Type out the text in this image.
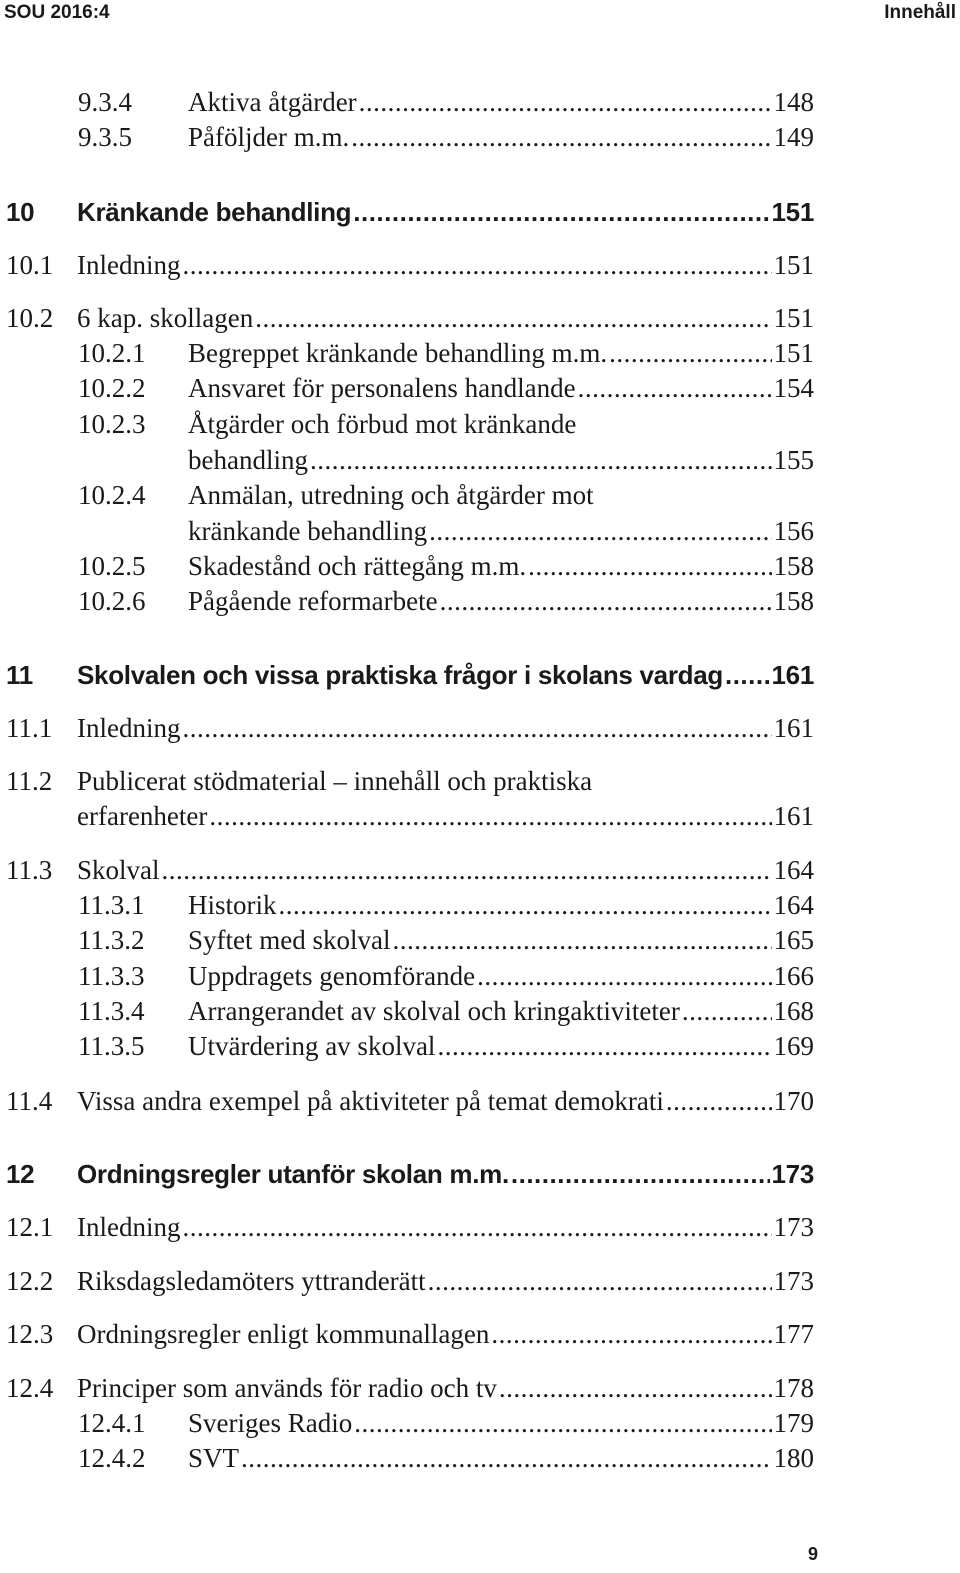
SOU 2016:4	Innehåll
9.3.4 Aktiva åtgärder .....	148
9.3.5 Påföljder m.m. .....	149
10 Kränkande behandling .....	151
10.1 Inledning .....	151
10.2 6 kap. skollagen .....	151
10.2.1 Begreppet kränkande behandling m.m. .....	151
10.2.2 Ansvaret för personalens handlande .....	154
10.2.3 Åtgärder och förbud mot kränkande
behandling .....	155
10.2.4 Anmälan, utredning och åtgärder mot
kränkande behandling .....	156
10.2.5 Skadestånd och rättegång m.m. .....	158
10.2.6 Pågående reformarbete .....	158
11 Skolvalen och vissa praktiska frågor i skolans vardag ..... 161
11.1 Inledning .....	161
11.2 Publicerat stödmaterial – innehåll och praktiska
erfarenheter .....	161
11.3 Skolval .....	164
11.3.1 Historik .....	164
11.3.2 Syftet med skolval .....	165
11.3.3 Uppdragets genomförande .....	166
11.3.4 Arrangerandet av skolval och kringaktiviteter .....	168
11.3.5 Utvärdering av skolval .....	169
11.4 Vissa andra exempel på aktiviteter på temat demokrati .....	170
12 Ordningsregler utanför skolan m.m. .....	173
12.1 Inledning .....	173
12.2 Riksdagsledamöters yttranderätt .....	173
12.3 Ordningsregler enligt kommunallagen .....	177
12.4 Principer som används för radio och tv .....	178
12.4.1 Sveriges Radio .....	179
12.4.2 SVT .....	180
9
